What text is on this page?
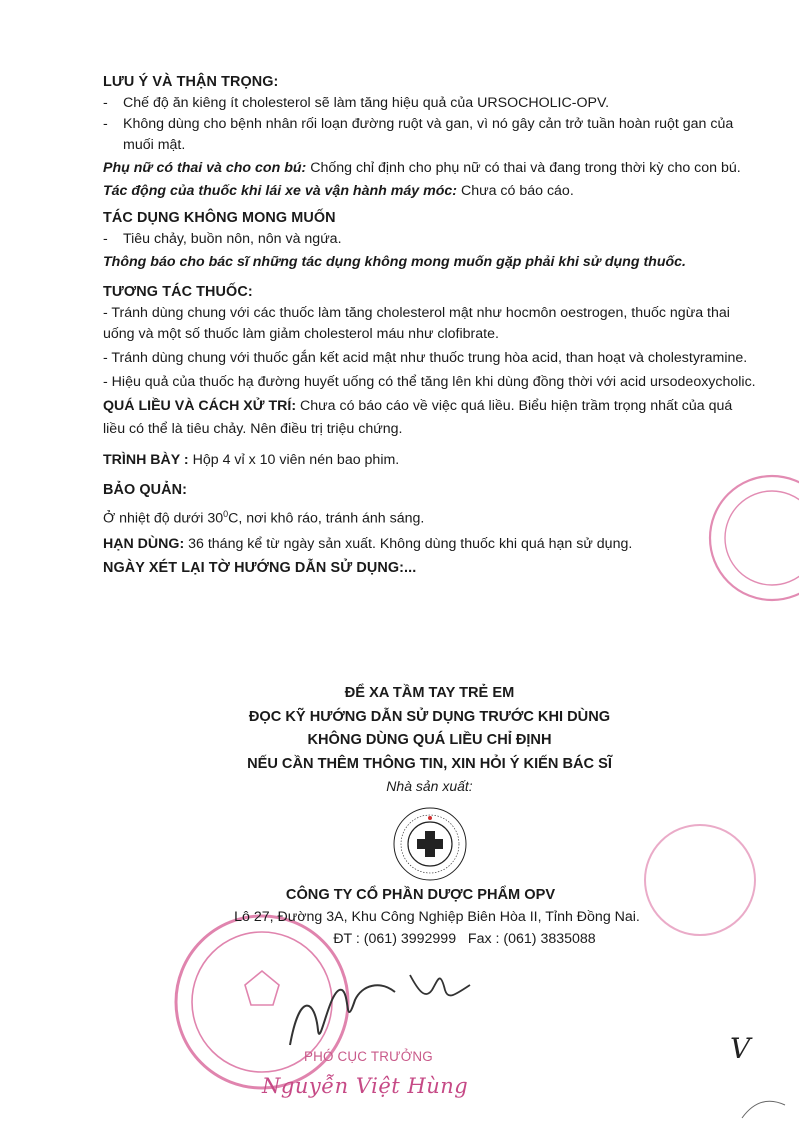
LƯU Ý VÀ THẬN TRỌNG:

-	Chế độ ăn kiêng ít cholesterol sẽ làm tăng hiệu quả của URSOCHOLIC-OPV.
-	Không dùng cho bệnh nhân rối loạn đường ruột và gan, vì nó gây cản trở tuần hoàn ruột gan của muối mật.

Phụ nữ có thai và cho con bú: Chống chỉ định cho phụ nữ có thai và đang trong thời kỳ cho con bú.

Tác động của thuốc khi lái xe và vận hành máy móc: Chưa có báo cáo.

TÁC DỤNG KHÔNG MONG MUỐN

-	Tiêu chảy, buồn nôn, nôn và ngứa.

Thông báo cho bác sĩ những tác dụng không mong muốn gặp phải khi sử dụng thuốc.

TƯƠNG TÁC THUỐC:

- Tránh dùng chung với các thuốc làm tăng cholesterol mật như hocmôn oestrogen, thuốc ngừa thai uống và một số thuốc làm giảm cholesterol máu như clofibrate.

- Tránh dùng chung với thuốc gắn kết acid mật như thuốc trung hòa acid, than hoạt và cholestyramine.

- Hiệu quả của thuốc hạ đường huyết uống có thể tăng lên khi dùng đồng thời với acid ursodeoxycholic.

QUÁ LIỀU VÀ CÁCH XỬ TRÍ: Chưa có báo cáo về việc quá liều. Biểu hiện trầm trọng nhất của quá liều có thể là tiêu chảy. Nên điều trị triệu chứng.

TRÌNH BÀY : Hộp 4 vỉ x 10 viên nén bao phim.

BẢO QUẢN:

Ở nhiệt độ dưới $30^0C$, nơi khô ráo, tránh ánh sáng.

HẠN DÙNG: 36 tháng kể từ ngày sản xuất. Không dùng thuốc khi quá hạn sử dụng.

NGÀY XÉT LẠI TỜ HƯỚNG DẪN SỬ DỤNG:...

ĐỂ XA TẦM TAY TRẺ EM

ĐỌC KỸ HƯỚNG DẪN SỬ DỤNG TRƯỚC KHI DÙNG

KHÔNG DÙNG QUÁ LIỀU CHỈ ĐỊNH

NẾU CẦN THÊM THÔNG TIN, XIN HỎI Ý KIẾN BÁC SĨ

Nhà sản xuất:

CÔNG TY CỔ PHẦN DƯỢC PHẨM OPV
Lô 27, Đường 3A, Khu Công Nghiệp Biên Hòa II, Tỉnh Đồng Nai.
ĐT : (061) 3992999   Fax : (061) 3835088
PHÓ CỤC TRƯỞNG
Nguyễn Việt Hùng
V
